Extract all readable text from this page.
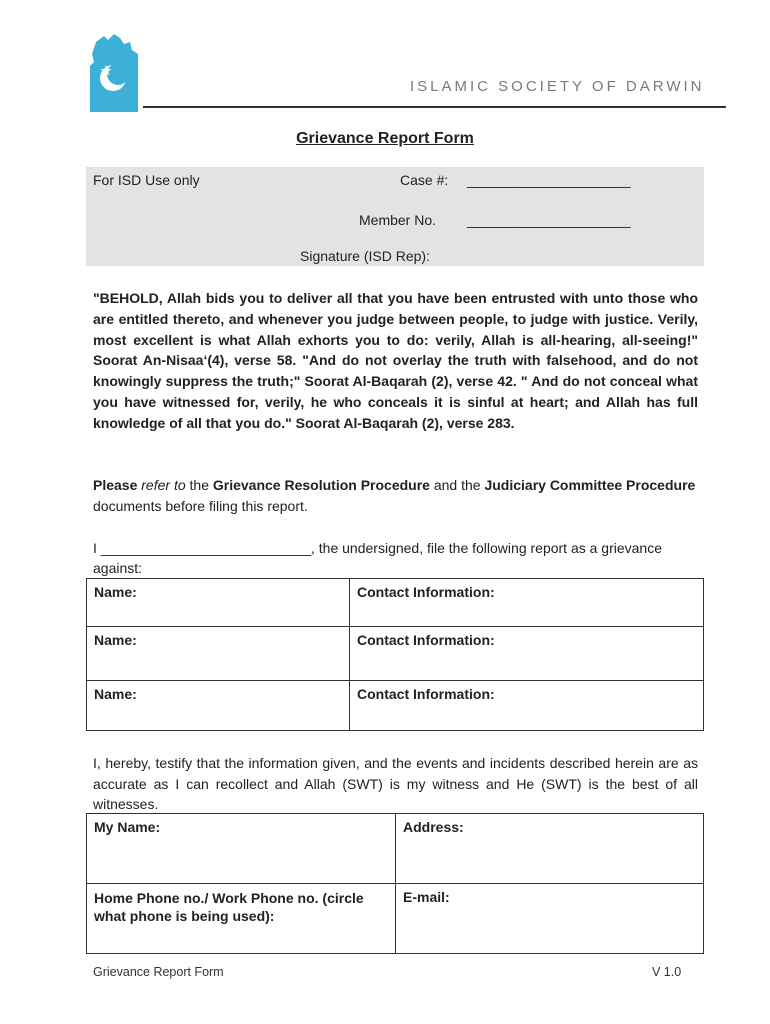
ISLAMIC SOCIETY OF DARWIN
Grievance Report Form
For ISD Use only	Case #: _____________________
Member No. _____________________
Signature (ISD Rep):
"BEHOLD, Allah bids you to deliver all that you have been entrusted with unto those who are entitled thereto, and whenever you judge between people, to judge with justice. Verily, most excellent is what Allah exhorts you to do: verily, Allah is all-hearing, all-seeing!" Soorat An-Nisaa‘(4), verse 58. "And do not overlay the truth with falsehood, and do not knowingly suppress the truth;" Soorat Al-Baqarah (2), verse 42. " And do not conceal what you have witnessed for, verily, he who conceals it is sinful at heart; and Allah has full knowledge of all that you do." Soorat Al-Baqarah (2), verse 283.
Please refer to the Grievance Resolution Procedure and the Judiciary Committee Procedure documents before filing this report.
I ___________________________, the undersigned, file the following report as a grievance against:
Name:	Contact Information:
Name:	Contact Information:
Name:	Contact Information:
I, hereby, testify that the information given, and the events and incidents described herein are as accurate as I can recollect and Allah (SWT) is my witness and He (SWT) is the best of all witnesses.
My Name:	Address:
Home Phone no./ Work Phone no. (circle what phone is being used):	E-mail:
Grievance Report Form	V 1.0
